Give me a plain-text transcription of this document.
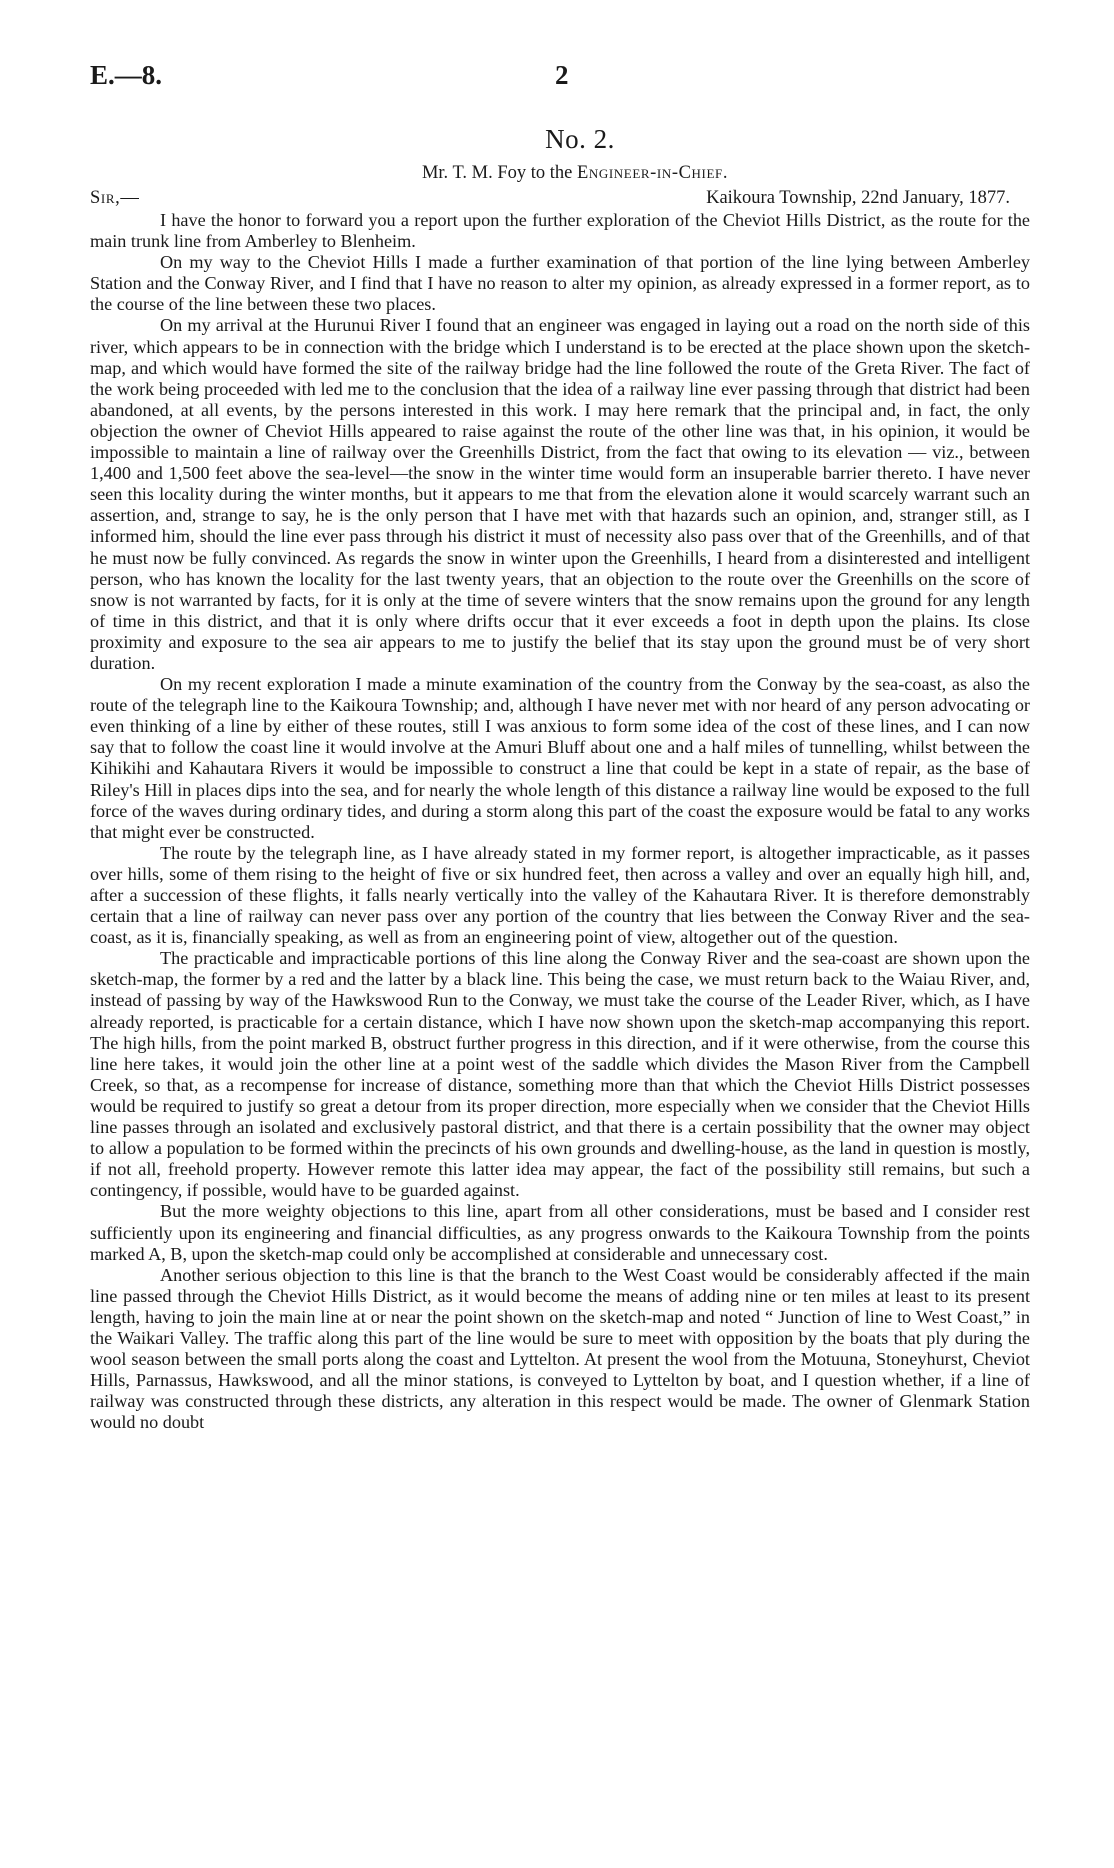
E.—8.	2
No. 2.
Mr. T. M. Foy to the Engineer-in-Chief.
Sir,—	Kaikoura Township, 22nd January, 1877.

I have the honor to forward you a report upon the further exploration of the Cheviot Hills District, as the route for the main trunk line from Amberley to Blenheim.

On my way to the Cheviot Hills I made a further examination of that portion of the line lying between Amberley Station and the Conway River, and I find that I have no reason to alter my opinion, as already expressed in a former report, as to the course of the line between these two places.

On my arrival at the Hurunui River I found that an engineer was engaged in laying out a road on the north side of this river, which appears to be in connection with the bridge which I understand is to be erected at the place shown upon the sketch-map, and which would have formed the site of the railway bridge had the line followed the route of the Greta River. The fact of the work being proceeded with led me to the conclusion that the idea of a railway line ever passing through that district had been abandoned, at all events, by the persons interested in this work. I may here remark that the principal and, in fact, the only objection the owner of Cheviot Hills appeared to raise against the route of the other line was that, in his opinion, it would be impossible to maintain a line of railway over the Greenhills District, from the fact that owing to its elevation — viz., between 1,400 and 1,500 feet above the sea-level—the snow in the winter time would form an insuperable barrier thereto. I have never seen this locality during the winter months, but it appears to me that from the elevation alone it would scarcely warrant such an assertion, and, strange to say, he is the only person that I have met with that hazards such an opinion, and, stranger still, as I informed him, should the line ever pass through his district it must of necessity also pass over that of the Greenhills, and of that he must now be fully convinced. As regards the snow in winter upon the Greenhills, I heard from a disinterested and intelligent person, who has known the locality for the last twenty years, that an objection to the route over the Greenhills on the score of snow is not warranted by facts, for it is only at the time of severe winters that the snow remains upon the ground for any length of time in this district, and that it is only where drifts occur that it ever exceeds a foot in depth upon the plains. Its close proximity and exposure to the sea air appears to me to justify the belief that its stay upon the ground must be of very short duration.

On my recent exploration I made a minute examination of the country from the Conway by the sea-coast, as also the route of the telegraph line to the Kaikoura Township; and, although I have never met with nor heard of any person advocating or even thinking of a line by either of these routes, still I was anxious to form some idea of the cost of these lines, and I can now say that to follow the coast line it would involve at the Amuri Bluff about one and a half miles of tunnelling, whilst between the Kihikihi and Kahautara Rivers it would be impossible to construct a line that could be kept in a state of repair, as the base of Riley's Hill in places dips into the sea, and for nearly the whole length of this distance a railway line would be exposed to the full force of the waves during ordinary tides, and during a storm along this part of the coast the exposure would be fatal to any works that might ever be constructed.

The route by the telegraph line, as I have already stated in my former report, is altogether impracticable, as it passes over hills, some of them rising to the height of five or six hundred feet, then across a valley and over an equally high hill, and, after a succession of these flights, it falls nearly vertically into the valley of the Kahautara River. It is therefore demonstrably certain that a line of railway can never pass over any portion of the country that lies between the Conway River and the sea-coast, as it is, financially speaking, as well as from an engineering point of view, altogether out of the question.

The practicable and impracticable portions of this line along the Conway River and the sea-coast are shown upon the sketch-map, the former by a red and the latter by a black line. This being the case, we must return back to the Waiau River, and, instead of passing by way of the Hawkswood Run to the Conway, we must take the course of the Leader River, which, as I have already reported, is practicable for a certain distance, which I have now shown upon the sketch-map accompanying this report. The high hills, from the point marked B, obstruct further progress in this direction, and if it were otherwise, from the course this line here takes, it would join the other line at a point west of the saddle which divides the Mason River from the Campbell Creek, so that, as a recompense for increase of distance, something more than that which the Cheviot Hills District possesses would be required to justify so great a detour from its proper direction, more especially when we consider that the Cheviot Hills line passes through an isolated and exclusively pastoral district, and that there is a certain possibility that the owner may object to allow a population to be formed within the precincts of his own grounds and dwelling-house, as the land in question is mostly, if not all, freehold property. However remote this latter idea may appear, the fact of the possibility still remains, but such a contingency, if possible, would have to be guarded against.

But the more weighty objections to this line, apart from all other considerations, must be based and I consider rest sufficiently upon its engineering and financial difficulties, as any progress onwards to the Kaikoura Township from the points marked A, B, upon the sketch-map could only be accomplished at considerable and unnecessary cost.

Another serious objection to this line is that the branch to the West Coast would be considerably affected if the main line passed through the Cheviot Hills District, as it would become the means of adding nine or ten miles at least to its present length, having to join the main line at or near the point shown on the sketch-map and noted “ Junction of line to West Coast,” in the Waikari Valley. The traffic along this part of the line would be sure to meet with opposition by the boats that ply during the wool season between the small ports along the coast and Lyttelton. At present the wool from the Motuuna, Stoneyhurst, Cheviot Hills, Parnassus, Hawkswood, and all the minor stations, is conveyed to Lyttelton by boat, and I question whether, if a line of railway was constructed through these districts, any alteration in this respect would be made. The owner of Glenmark Station would no doubt
